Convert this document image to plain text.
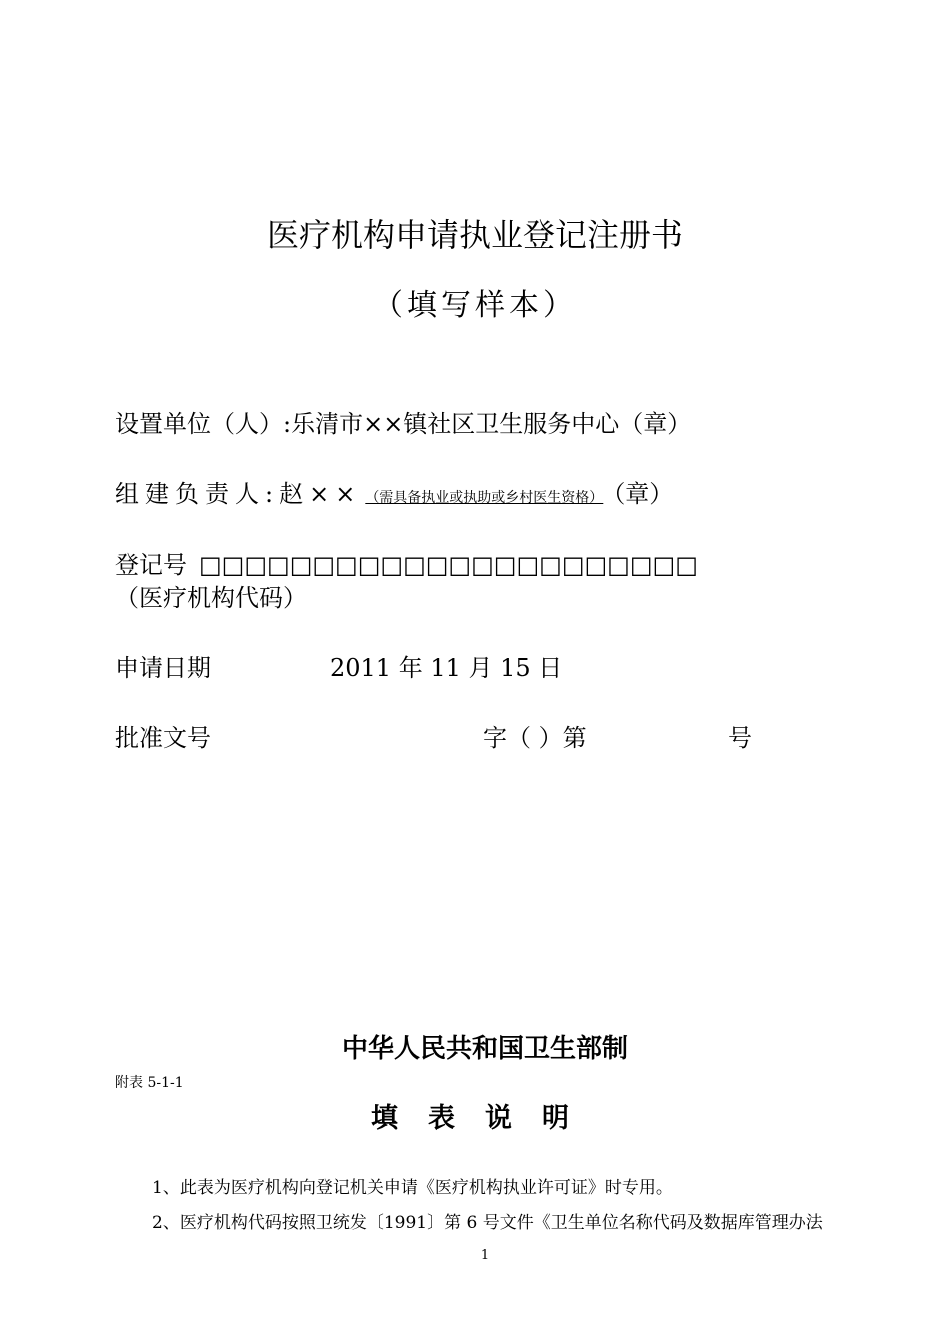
医疗机构申请执业登记注册书
（填写样本）
设置单位（人）:乐清市××镇社区卫生服务中心（章）
组建负责人:赵×× （需具备执业或执助或乡村医生资格） （章）
登记号 □□□□□□□□□□□□□□□□□□□□□□
（医疗机构代码）
申请日期	2011 年 11 月 15 日
批准文号	字（ ）第	号
中华人民共和国卫生部制
附表 5-1-1
填表说明
1、此表为医疗机构向登记机关申请《医疗机构执业许可证》时专用。
2、医疗机构代码按照卫统发〔1991〕第 6 号文件《卫生单位名称代码及数据库管理办法
1
